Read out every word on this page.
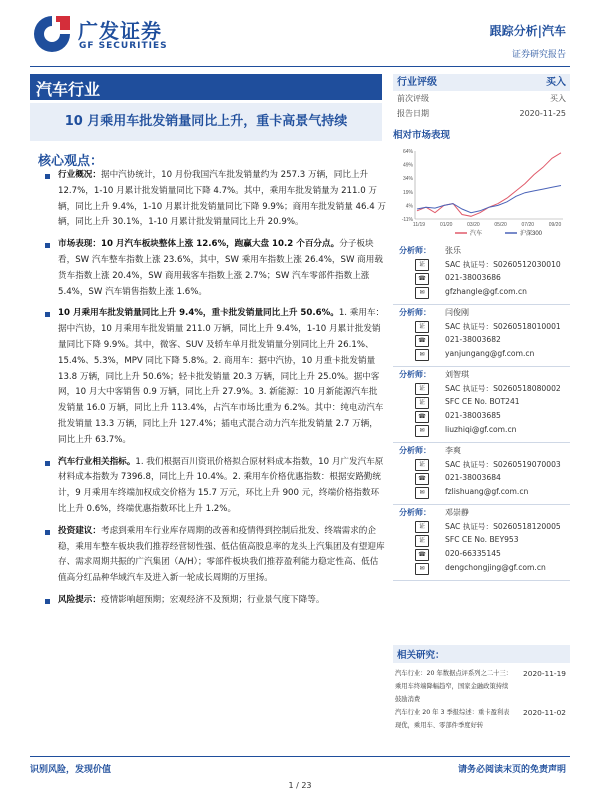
广发证券
GF SECURITIES
跟踪分析|汽车
证券研究报告
汽车行业
10 月乘用车批发销量同比上升，重卡高景气持续
核心观点：
行业概况：据中汽协统计，10 月份我国汽车批发销量约为 257.3 万辆，同比上升 12.7%，1-10 月累计批发销量同比下降 4.7%。其中，乘用车批发销量为 211.0 万辆，同比上升 9.4%，1-10 月累计批发销量同比下降 9.9%；商用车批发销量 46.4 万辆，同比上升 30.1%，1-10 月累计批发销量同比上升 20.9%。
市场表现：10 月汽车板块整体上涨 12.6%，跑赢大盘 10.2 个百分点。分子板块看，SW 汽车整车指数上涨 23.6%，其中，SW 乘用车指数上涨 26.4%，SW 商用载货车指数上涨 20.4%，SW 商用载客车指数上涨 2.7%；SW 汽车零部件指数上涨 5.4%，SW 汽车销售指数上涨 1.6%。
10 月乘用车批发销量同比上升 9.4%，重卡批发销量同比上升 50.6%。1. 乘用车：据中汽协，10 月乘用车批发销量 211.0 万辆，同比上升 9.4%，1-10 月累计批发销量同比下降 9.9%。其中，微客、SUV 及轿车单月批发销量分别同比上升 26.1%、15.4%、5.3%，MPV 同比下降 5.8%。2. 商用车：据中汽协，10 月重卡批发销量 13.8 万辆，同比上升 50.6%；轻卡批发销量 20.3 万辆，同比上升 25.0%。据中客网，10 月大中客销售 0.9 万辆，同比上升 27.9%。3. 新能源：10 月新能源汽车批发销量 16.0 万辆，同比上升 113.4%，占汽车市场比重为 6.2%。其中：纯电动汽车批发销量 13.3 万辆，同比上升 127.4%；插电式混合动力汽车批发销量 2.7 万辆，同比上升 63.7%。
汽车行业相关指标。1. 我们根据百川资讯价格拟合原材料成本指数，10 月广发汽车原材料成本指数为 7396.8，同比上升 10.4%。2. 乘用车价格优惠指数：根据安路勤统计，9 月乘用车终端加权成交价格为 15.7 万元，环比上升 900 元，终端价格指数环比上升 0.6%，终端优惠指数环比上升 1.2%。
投资建议：考虑到乘用车行业库存周期的改善和疫情得到控制后批发、终端需求的企稳，乘用车整车板块我们推荐经营韧性强、低估值高股息率的龙头上汽集团及有望迎库存、需求周期共振的广汽集团（A/H）；零部件板块我们推荐盈利能力稳定性高、低估值高分红品种华域汽车及进入新一轮成长周期的万里扬。
风险提示：疫情影响超预期；宏观经济不及预期；行业景气度下降等。
行业评级	买入
前次评级	买入
报告日期	2020-11-25
相对市场表现
64%
49%
34%
19%
4%
-11%
11/19	01/20	03/20	05/20	07/20	09/20
汽车	沪深300
分析师： 张乐
证	SAC 执证号：S0260512030010
☎	021-38003686
✉	gfzhangle@gf.com.cn
分析师： 闫俊刚
证	SAC 执证号：S0260518010001
☎	021-38003682
✉	yanjungang@gf.com.cn
分析师： 刘智琪
证	SAC 执证号：S0260518080002
证	SFC CE No. BOT241
☎	021-38003685
✉	liuzhiqi@gf.com.cn
分析师： 李爽
证	SAC 执证号：S0260519070003
☎	021-38003684
✉	fzlishuang@gf.com.cn
分析师： 邓崇静
证	SAC 执证号：S0260518120005
证	SFC CE No. BEY953
☎	020-66335145
✉	dengchongjing@gf.com.cn
相关研究：
汽车行业：20 年数据点评系列之二十三： 2020-11-19
乘用车终端降幅趋窄，国家金融政策持续
鼓励消费
汽车行业 20 年 3 季报综述：重卡盈利表 2020-11-02
现优，乘用车、零部件季度好转
识别风险，发现价值	请务必阅读末页的免责声明
1 / 23
